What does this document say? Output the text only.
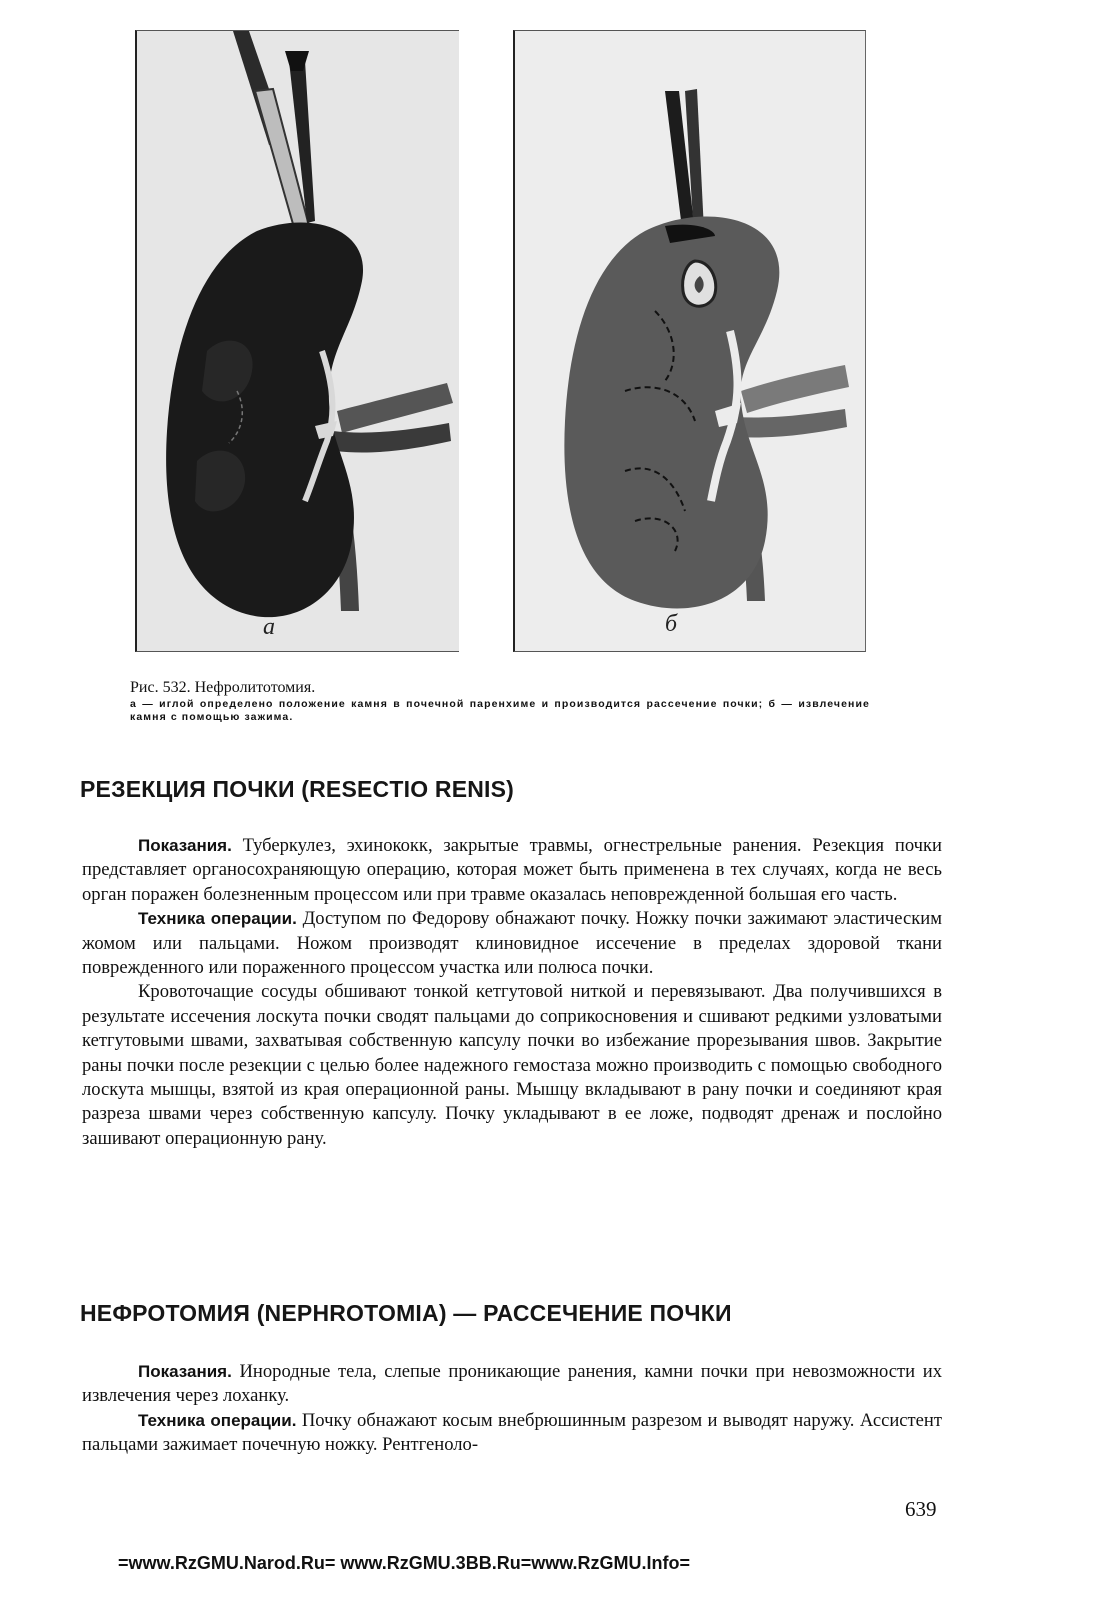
а	б

Рис. 532. Нефролитотомия.

а — иглой определено положение камня в почечной паренхиме и производится рассечение почки; б — извлечение камня с помощью зажима.

РЕЗЕКЦИЯ ПОЧКИ (RESECTIO RENIS)

Показания. Туберкулез, эхинококк, закрытые травмы, огнестрельные ранения. Резекция почки представляет органосохраняющую операцию, которая может быть применена в тех случаях, когда не весь орган поражен болезненным процессом или при травме оказалась неповрежденной большая его часть.

Техника операции. Доступом по Федорову обнажают почку. Ножку почки зажимают эластическим жомом или пальцами. Ножом производят клиновидное иссечение в пределах здоровой ткани поврежденного или пораженного процессом участка или полюса почки.

Кровоточащие сосуды обшивают тонкой кетгутовой ниткой и перевязывают. Два получившихся в результате иссечения лоскута почки сводят пальцами до соприкосновения и сшивают редкими узловатыми кетгутовыми швами, захватывая собственную капсулу почки во избежание прорезывания швов. Закрытие раны почки после резекции с целью более надежного гемостаза можно производить с помощью свободного лоскута мышцы, взятой из края операционной раны. Мышцу вкладывают в рану почки и соединяют края разреза швами через собственную капсулу. Почку укладывают в ее ложе, подводят дренаж и послойно зашивают операционную рану.

НЕФРОТОМИЯ (NEPHROTOMIA) — РАССЕЧЕНИЕ ПОЧКИ

Показания. Инородные тела, слепые проникающие ранения, камни почки при невозможности их извлечения через лоханку.

Техника операции. Почку обнажают косым внебрюшинным разрезом и выводят наружу. Ассистент пальцами зажимает почечную ножку. Рентгеноло-

639

=www.RzGMU.Narod.Ru= www.RzGMU.3BB.Ru=www.RzGMU.Info=
